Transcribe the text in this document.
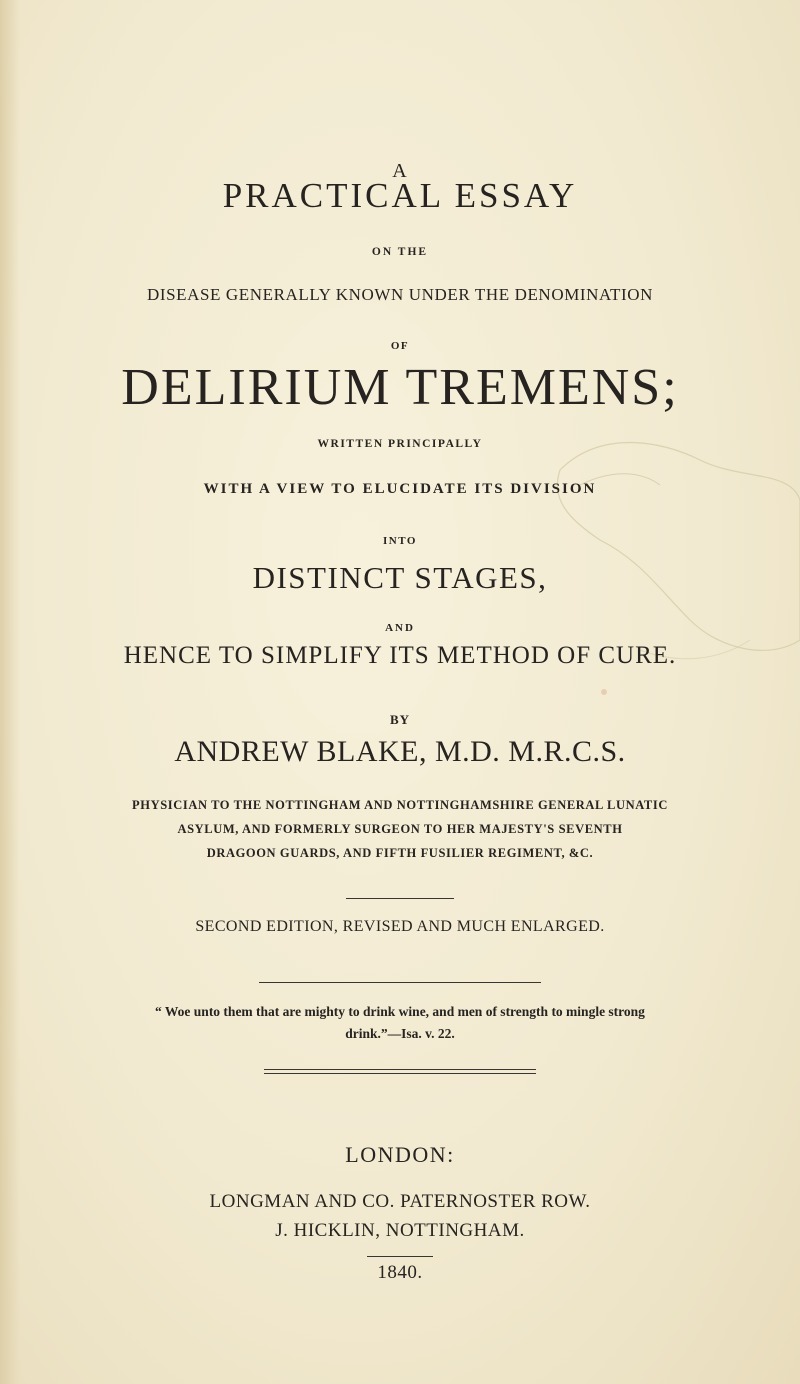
A
PRACTICAL ESSAY
ON THE
DISEASE GENERALLY KNOWN UNDER THE DENOMINATION
OF
DELIRIUM TREMENS;
WRITTEN PRINCIPALLY
WITH A VIEW TO ELUCIDATE ITS DIVISION
INTO
DISTINCT STAGES,
AND
HENCE TO SIMPLIFY ITS METHOD OF CURE.
BY
ANDREW BLAKE, M.D. M.R.C.S.
PHYSICIAN TO THE NOTTINGHAM AND NOTTINGHAMSHIRE GENERAL LUNATIC
ASYLUM, AND FORMERLY SURGEON TO HER MAJESTY'S SEVENTH
DRAGOON GUARDS, AND FIFTH FUSILIER REGIMENT, &C.
SECOND EDITION, REVISED AND MUCH ENLARGED.
“ Woe unto them that are mighty to drink wine, and men of strength to mingle strong
drink.”—Isa. v. 22.
LONDON:
LONGMAN AND CO. PATERNOSTER ROW.
J. HICKLIN, NOTTINGHAM.
1840.
